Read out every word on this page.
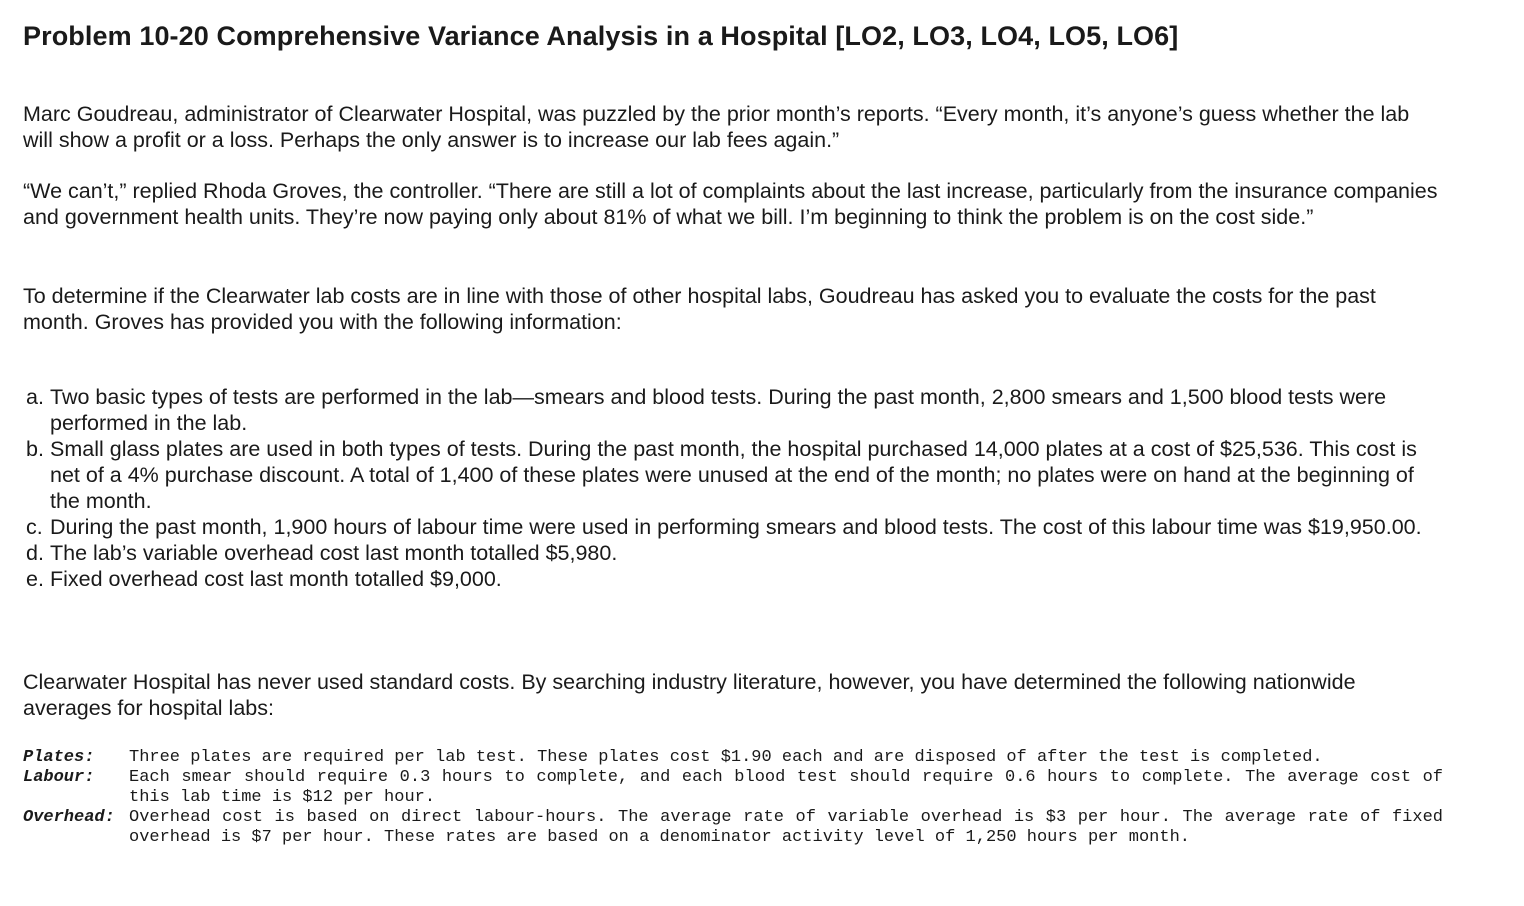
Problem 10-20 Comprehensive Variance Analysis in a Hospital [LO2, LO3, LO4, LO5, LO6]

Marc Goudreau, administrator of Clearwater Hospital, was puzzled by the prior month’s reports. “Every month, it’s anyone’s guess whether the lab will show a profit or a loss. Perhaps the only answer is to increase our lab fees again.”

“We can’t,” replied Rhoda Groves, the controller. “There are still a lot of complaints about the last increase, particularly from the insurance companies and government health units. They’re now paying only about 81% of what we bill. I’m beginning to think the problem is on the cost side.”

To determine if the Clearwater lab costs are in line with those of other hospital labs, Goudreau has asked you to evaluate the costs for the past month. Groves has provided you with the following information:

a. Two basic types of tests are performed in the lab—smears and blood tests. During the past month, 2,800 smears and 1,500 blood tests were performed in the lab.
b. Small glass plates are used in both types of tests. During the past month, the hospital purchased 14,000 plates at a cost of $25,536. This cost is net of a 4% purchase discount. A total of 1,400 of these plates were unused at the end of the month; no plates were on hand at the beginning of the month.
c. During the past month, 1,900 hours of labour time were used in performing smears and blood tests. The cost of this labour time was $19,950.00.
d. The lab’s variable overhead cost last month totalled $5,980.
e. Fixed overhead cost last month totalled $9,000.

Clearwater Hospital has never used standard costs. By searching industry literature, however, you have determined the following nationwide averages for hospital labs:

Plates:	Three plates are required per lab test. These plates cost $1.90 each and are disposed of after the test is completed.
Labour:	Each smear should require 0.3 hours to complete, and each blood test should require 0.6 hours to complete. The average cost of this lab time is $12 per hour.
Overhead: Overhead cost is based on direct labour-hours. The average rate of variable overhead is $3 per hour. The average rate of fixed overhead is $7 per hour. These rates are based on a denominator activity level of 1,250 hours per month.
